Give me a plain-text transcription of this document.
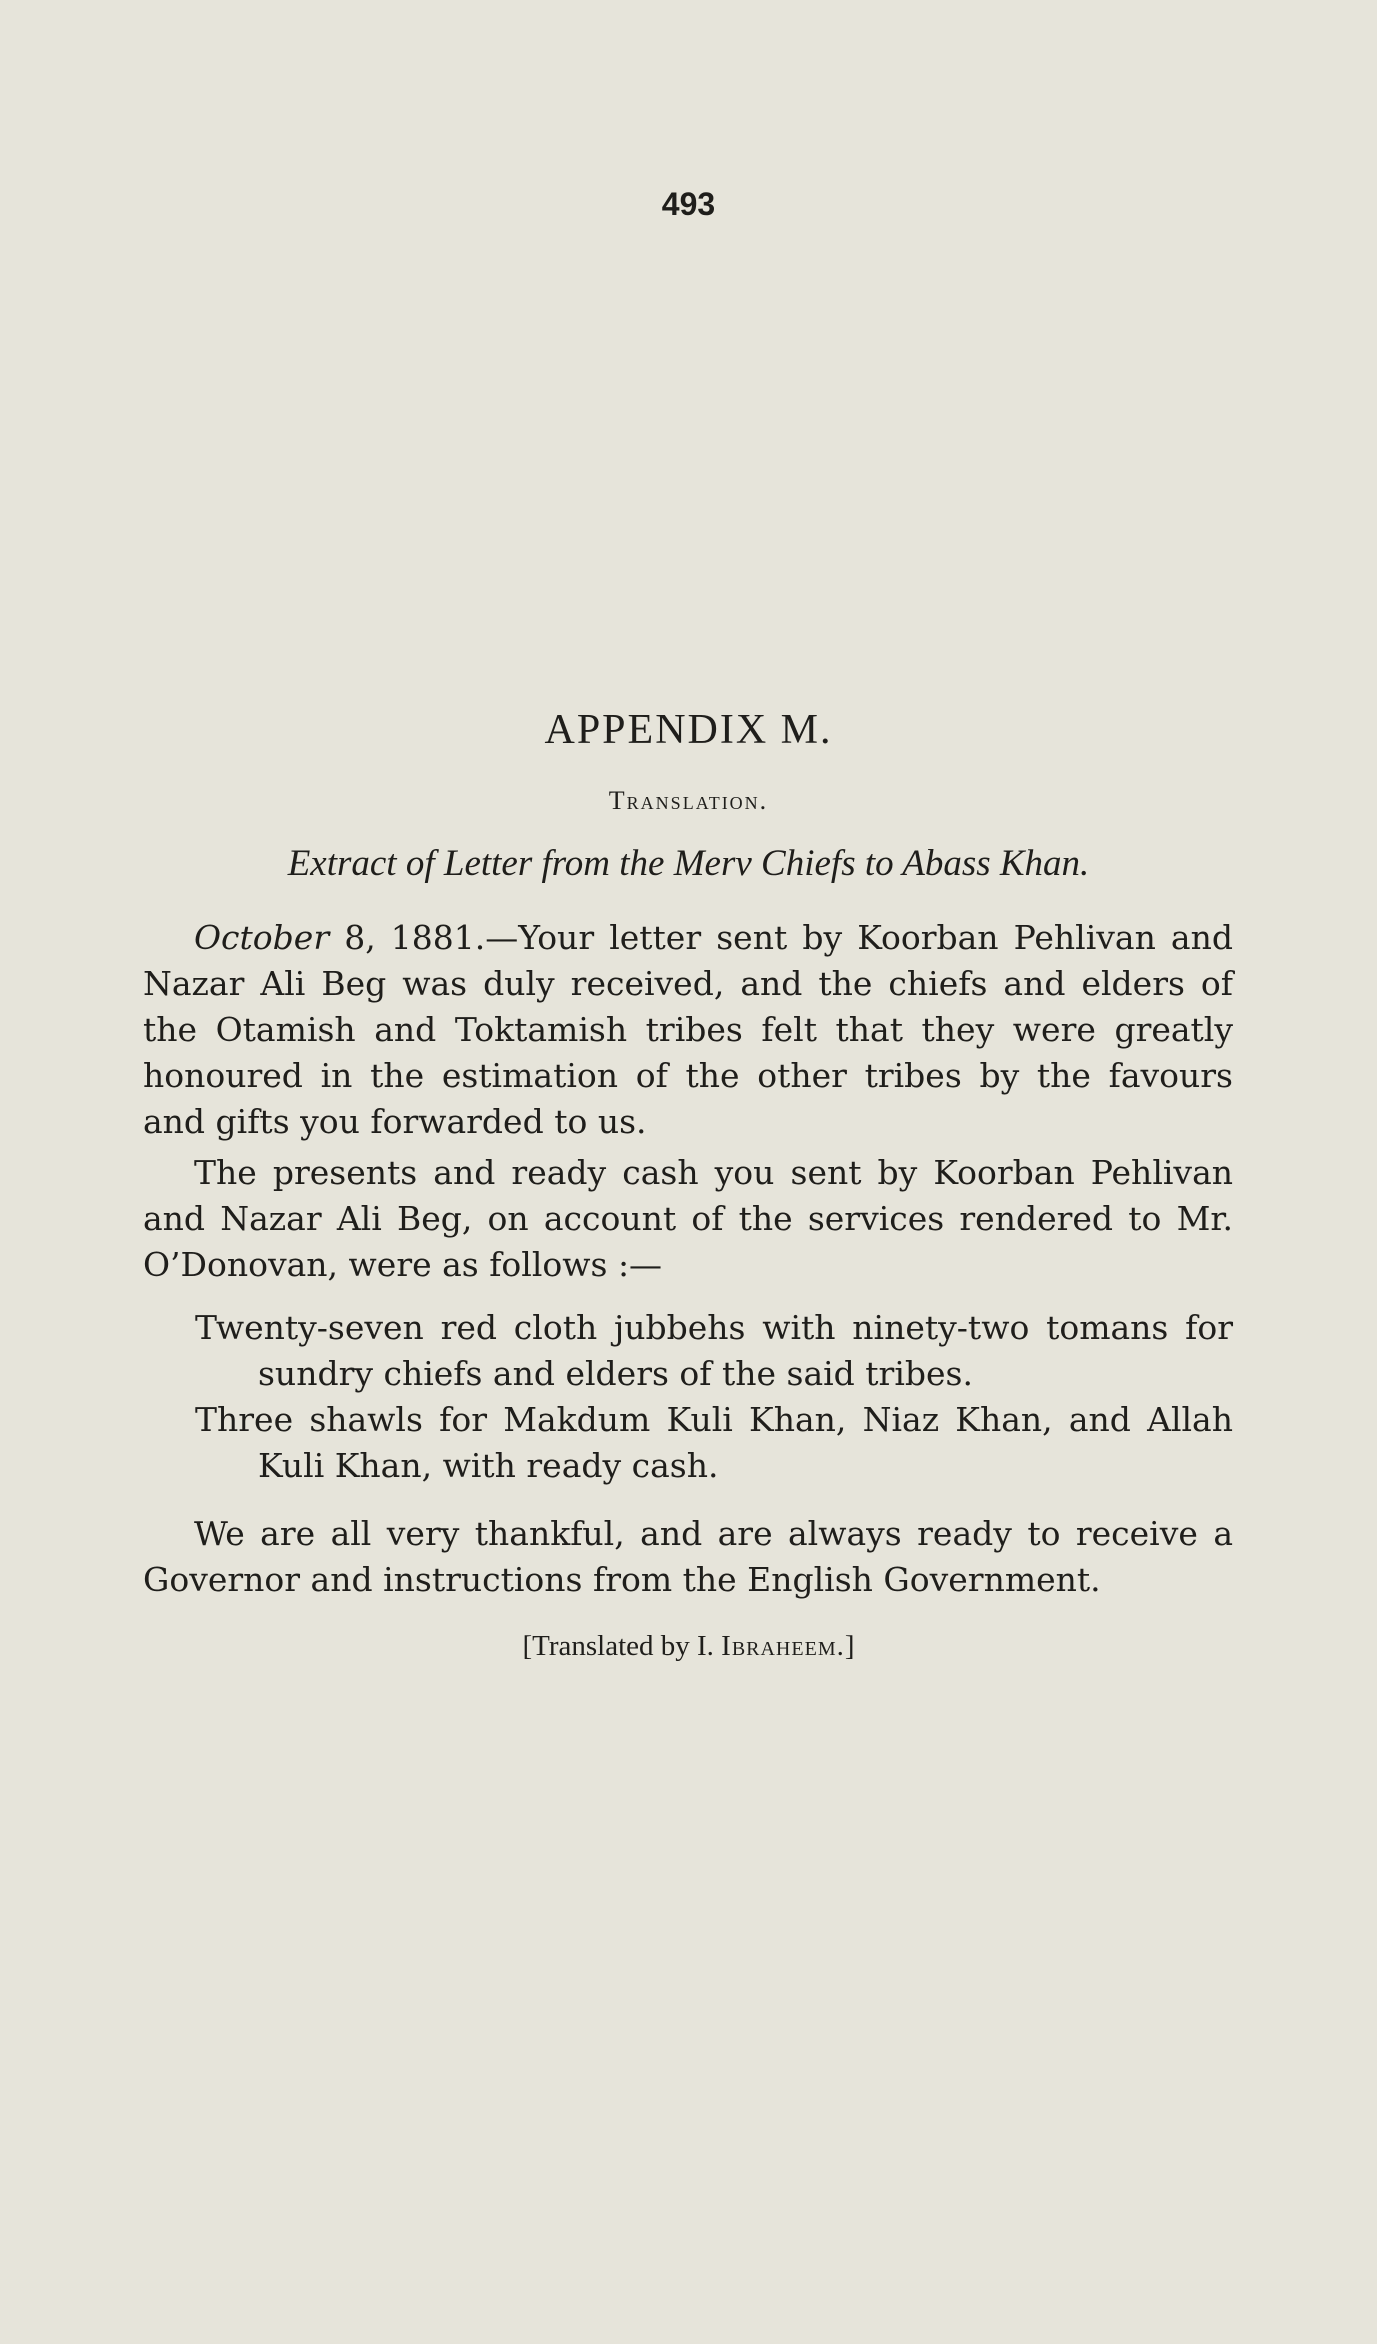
493
APPENDIX M.
Translation.
Extract of Letter from the Merv Chiefs to Abass Khan.

October 8, 1881.—Your letter sent by Koorban Pehlivan and Nazar Ali Beg was duly received, and the chiefs and elders of the Otamish and Toktamish tribes felt that they were greatly honoured in the estimation of the other tribes by the favours and gifts you forwarded to us.

The presents and ready cash you sent by Koorban Pehlivan and Nazar Ali Beg, on account of the services rendered to Mr. O’Donovan, were as follows :—

Twenty-seven red cloth jubbehs with ninety-two tomans for sundry chiefs and elders of the said tribes.
Three shawls for Makdum Kuli Khan, Niaz Khan, and Allah Kuli Khan, with ready cash.

We are all very thankful, and are always ready to receive a Governor and instructions from the English Government.

[Translated by I. Ibraheem.]
